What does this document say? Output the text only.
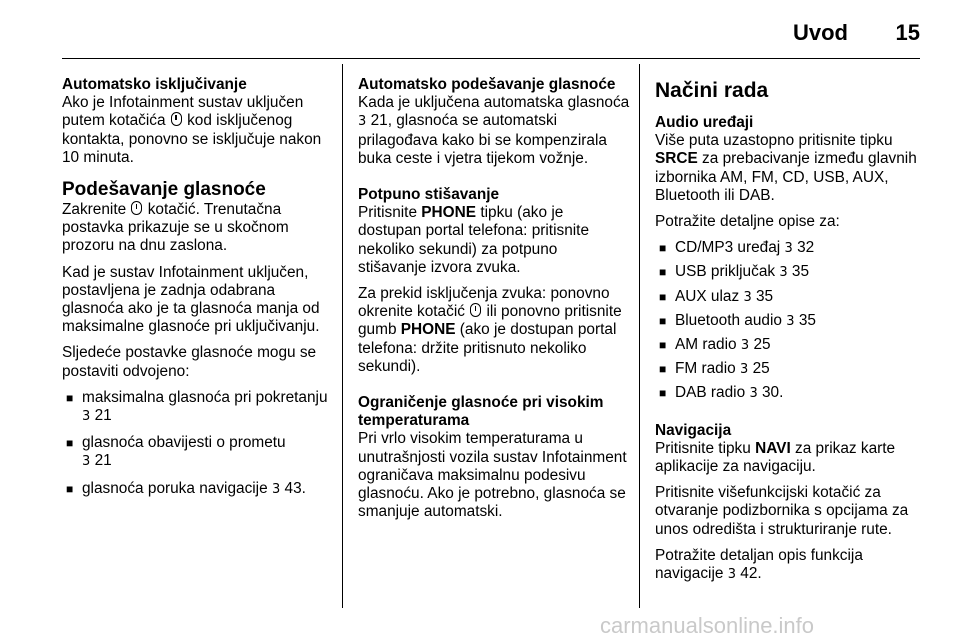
Uvod 15
Automatsko isključivanje

Ako je Infotainment sustav uključen putem kotačića kod isključenog kontakta, ponovno se isključuje nakon 10 minuta.

Podešavanje glasnoće

Zakrenite kotačić. Trenutačna postavka prikazuje se u skočnom prozoru na dnu zaslona.

Kad je sustav Infotainment uključen, postavljena je zadnja odabrana glasnoća ako je ta glasnoća manja od maksimalne glasnoće pri uključivanju.

Sljedeće postavke glasnoće mogu se postaviti odvojeno:

■ maksimalna glasnoća pri pokretanju 3 21
■ glasnoća obavijesti o prometu
3 21
■ glasnoća poruka navigacije 3 43.
Automatsko podešavanje glasnoće

Kada je uključena automatska glasnoća 3 21, glasnoća se automatski prilagođava kako bi se kompenzirala buka ceste i vjetra tijekom vožnje.

Potpuno stišavanje

Pritisnite PHONE tipku (ako je dostupan portal telefona: pritisnite nekoliko sekundi) za potpuno stišavanje izvora zvuka.

Za prekid isključenja zvuka: ponovno okrenite kotačić ili ponovno pritisnite gumb PHONE (ako je dostupan portal telefona: držite pritisnuto nekoliko sekundi).

Ograničenje glasnoće pri visokim temperaturama

Pri vrlo visokim temperaturama u unutrašnjosti vozila sustav Infotainment ograničava maksimalnu podesivu glasnoću. Ako je potrebno, glasnoća se smanjuje automatski.

Načini rada
Audio uređaji

Više puta uzastopno pritisnite tipku SRCE za prebacivanje između glavnih izbornika AM, FM, CD, USB, AUX, Bluetooth ili DAB.

Potražite detaljne opise za:

■ CD/MP3 uređaj 3 32
■ USB priključak 3 35
■ AUX ulaz 3 35
■ Bluetooth audio 3 35
■ AM radio 3 25
■ FM radio 3 25
■ DAB radio 3 30.
Navigacija

Pritisnite tipku NAVI za prikaz karte aplikacije za navigaciju.

Pritisnite višefunkcijski kotačić za otvaranje podizbornika s opcijama za unos odredišta i strukturiranje rute.

Potražite detaljan opis funkcija navigacije 3 42.

carmanualsonline.info
